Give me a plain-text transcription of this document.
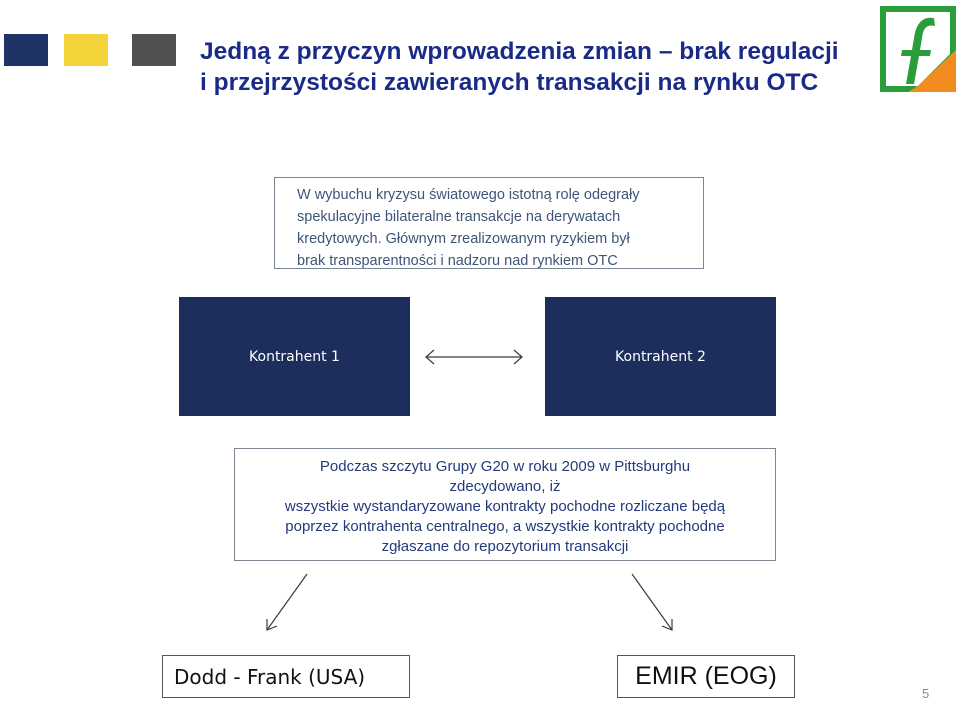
Jedną z przyczyn wprowadzenia zmian – brak regulacji
i przejrzystości zawieranych transakcji na rynku OTC
W wybuchu kryzysu światowego istotną rolę odegrały
spekulacyjne bilateralne transakcje na derywatach
kredytowych. Głównym zrealizowanym ryzykiem był
brak transparentności i nadzoru nad rynkiem OTC
Kontrahent 1	Kontrahent 2
Podczas szczytu Grupy G20 w roku 2009 w Pittsburghu
zdecydowano, iż
wszystkie wystandaryzowane kontrakty pochodne rozliczane będą
poprzez kontrahenta centralnego, a wszystkie kontrakty pochodne
zgłaszane do repozytorium transakcji
Dodd - Frank (USA)	EMIR (EOG)
5
